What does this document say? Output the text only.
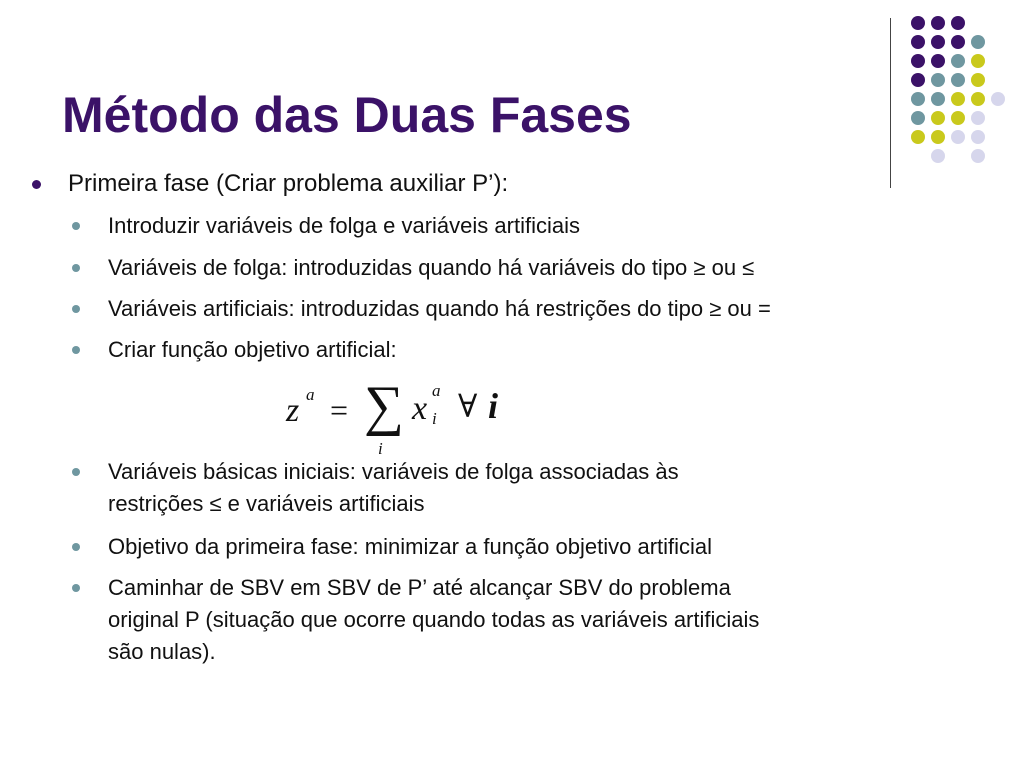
Método das Duas Fases
Primeira fase (Criar problema auxiliar P’):
Introduzir variáveis de folga e variáveis artificiais
Variáveis de folga: introduzidas quando há variáveis do tipo ≥ ou ≤
Variáveis artificiais: introduzidas quando há restrições do tipo ≥ ou =
Criar função objetivo artificial:
z a = ∑
i
x a
i ∀ i
Variáveis básicas iniciais: variáveis de folga associadas às
restrições ≤ e variáveis artificiais
Objetivo da primeira fase: minimizar a função objetivo artificial
Caminhar de SBV em SBV de P’ até alcançar SBV do problema
original P (situação que ocorre quando todas as variáveis artificiais
são nulas).
